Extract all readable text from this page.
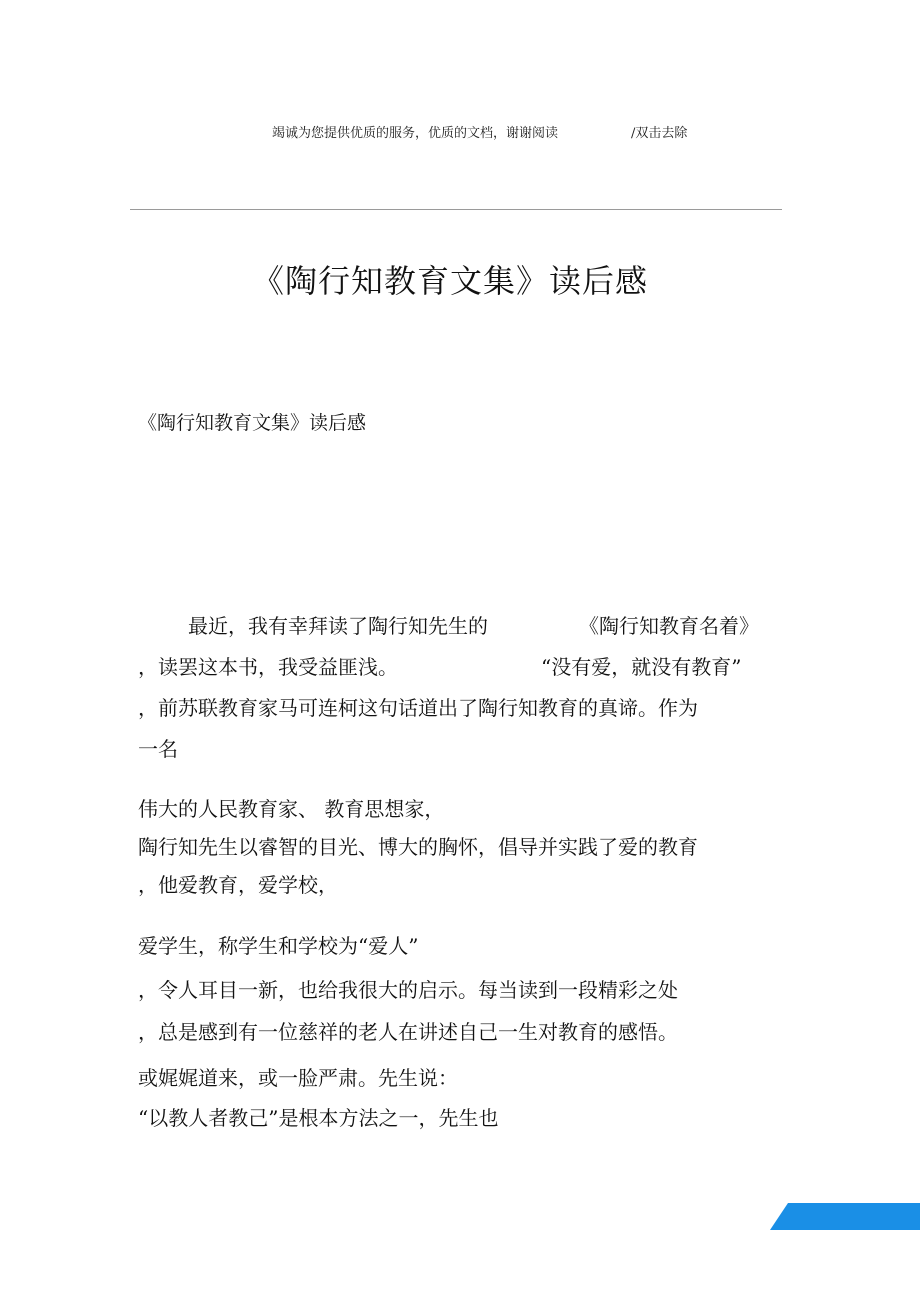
竭诚为您提供优质的服务，优质的文档，谢谢阅读	/双击去除
《陶行知教育文集》读后感
《陶行知教育文集》读后感
最近，我有幸拜读了陶行知先生的	《陶行知教育名着》
，读罢这本书，我受益匪浅。	“没有爱，就没有教育”
，前苏联教育家马可连柯这句话道出了陶行知教育的真谛。作为
一名
伟大的人民教育家、 教育思想家，
陶行知先生以睿智的目光、博大的胸怀，倡导并实践了爱的教育
，他爱教育，爱学校，
爱学生，称学生和学校为“爱人”
，令人耳目一新，也给我很大的启示。每当读到一段精彩之处
，总是感到有一位慈祥的老人在讲述自己一生对教育的感悟。
或娓娓道来，或一脸严肃。先生说：
“以教人者教己”是根本方法之一，先生也
